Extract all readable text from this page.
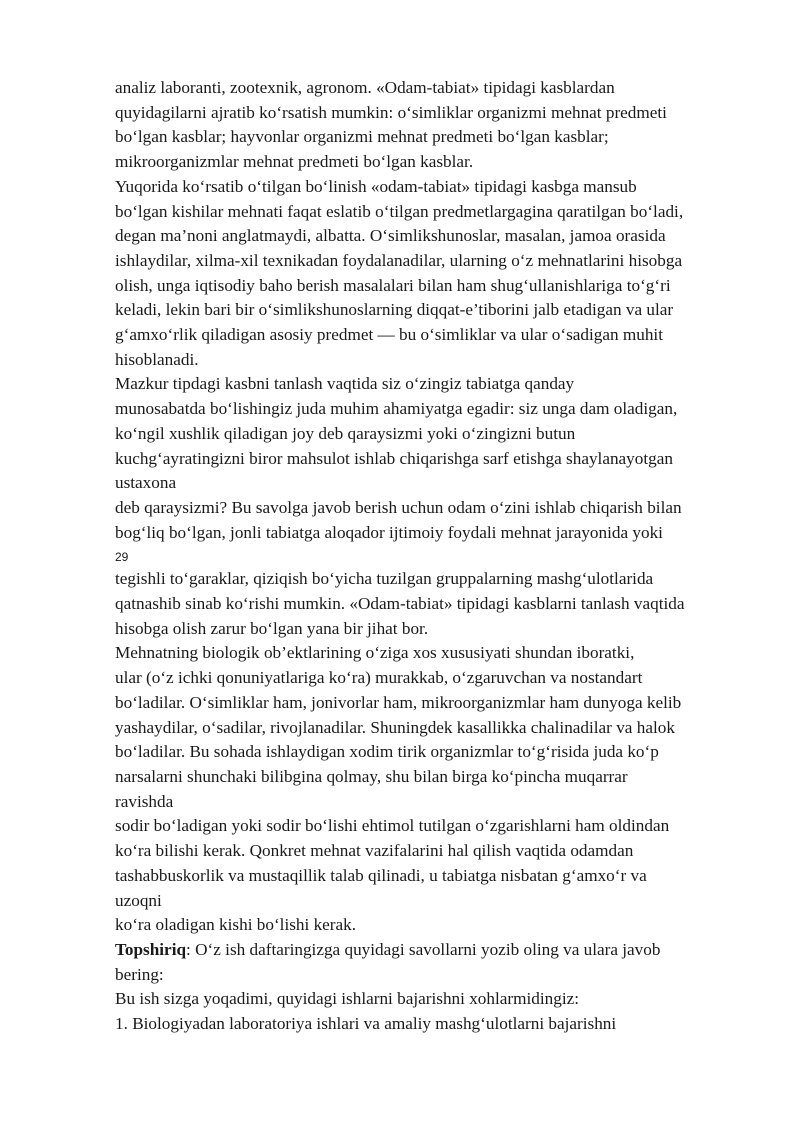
analiz laboranti, zootexnik, agronom. «Odam-tabiat» tipidagi kasblardan
quyidagilarni ajratib ko‘rsatish mumkin: o‘simliklar organizmi mehnat predmeti
bo‘lgan kasblar; hayvonlar organizmi mehnat predmeti bo‘lgan kasblar;
mikroorganizmlar mehnat predmeti bo‘lgan kasblar.
Yuqorida ko‘rsatib o‘tilgan bo‘linish «odam-tabiat» tipidagi kasbga mansub
bo‘lgan kishilar mehnati faqat eslatib o‘tilgan predmetlargagina qaratilgan bo‘ladi,
degan ma’noni anglatmaydi, albatta. O‘simlikshunoslar, masalan, jamoa orasida
ishlaydilar, xilma-xil texnikadan foydalanadilar, ularning o‘z mehnatlarini hisobga
olish, unga iqtisodiy baho berish masalalari bilan ham shug‘ullanishlariga to‘g‘ri
keladi, lekin bari bir o‘simlikshunoslarning diqqat-e’tiborini jalb etadigan va ular
g‘amxo‘rlik qiladigan asosiy predmet — bu o‘simliklar va ular o‘sadigan muhit
hisoblanadi.
Mazkur tipdagi kasbni tanlash vaqtida siz o‘zingiz tabiatga qanday
munosabatda bo‘lishingiz juda muhim ahamiyatga egadir: siz unga dam oladigan,
ko‘ngil xushlik qiladigan joy deb qaraysizmi yoki o‘zingizni butun
kuchg‘ayratingizni biror mahsulot ishlab chiqarishga sarf etishga shaylanayotgan
ustaxona
deb qaraysizmi? Bu savolga javob berish uchun odam o‘zini ishlab chiqarish bilan
bog‘liq bo‘lgan, jonli tabiatga aloqador ijtimoiy foydali mehnat jarayonida yoki
29
tegishli to‘garaklar, qiziqish bo‘yicha tuzilgan gruppalarning mashg‘ulotlarida
qatnashib sinab ko‘rishi mumkin. «Odam-tabiat» tipidagi kasblarni tanlash vaqtida
hisobga olish zarur bo‘lgan yana bir jihat bor.
Mehnatning biologik ob’ektlarining o‘ziga xos xususiyati shundan iboratki,
ular (o‘z ichki qonuniyatlariga ko‘ra) murakkab, o‘zgaruvchan va nostandart
bo‘ladilar. O‘simliklar ham, jonivorlar ham, mikroorganizmlar ham dunyoga kelib
yashaydilar, o‘sadilar, rivojlanadilar. Shuningdek kasallikka chalinadilar va halok
bo‘ladilar. Bu sohada ishlaydigan xodim tirik organizmlar to‘g‘risida juda ko‘p
narsalarni shunchaki bilibgina qolmay, shu bilan birga ko‘pincha muqarrar
ravishda
sodir bo‘ladigan yoki sodir bo‘lishi ehtimol tutilgan o‘zgarishlarni ham oldindan
ko‘ra bilishi kerak. Qonkret mehnat vazifalarini hal qilish vaqtida odamdan
tashabbuskorlik va mustaqillik talab qilinadi, u tabiatga nisbatan g‘amxo‘r va
uzoqni
ko‘ra oladigan kishi bo‘lishi kerak.
Topshiriq: O‘z ish daftaringizga quyidagi savollarni yozib oling va ulara javob
bering:
Bu ish sizga yoqadimi, quyidagi ishlarni bajarishni xohlarmidingiz:
1. Biologiyadan laboratoriya ishlari va amaliy mashg‘ulotlarni bajarishni
